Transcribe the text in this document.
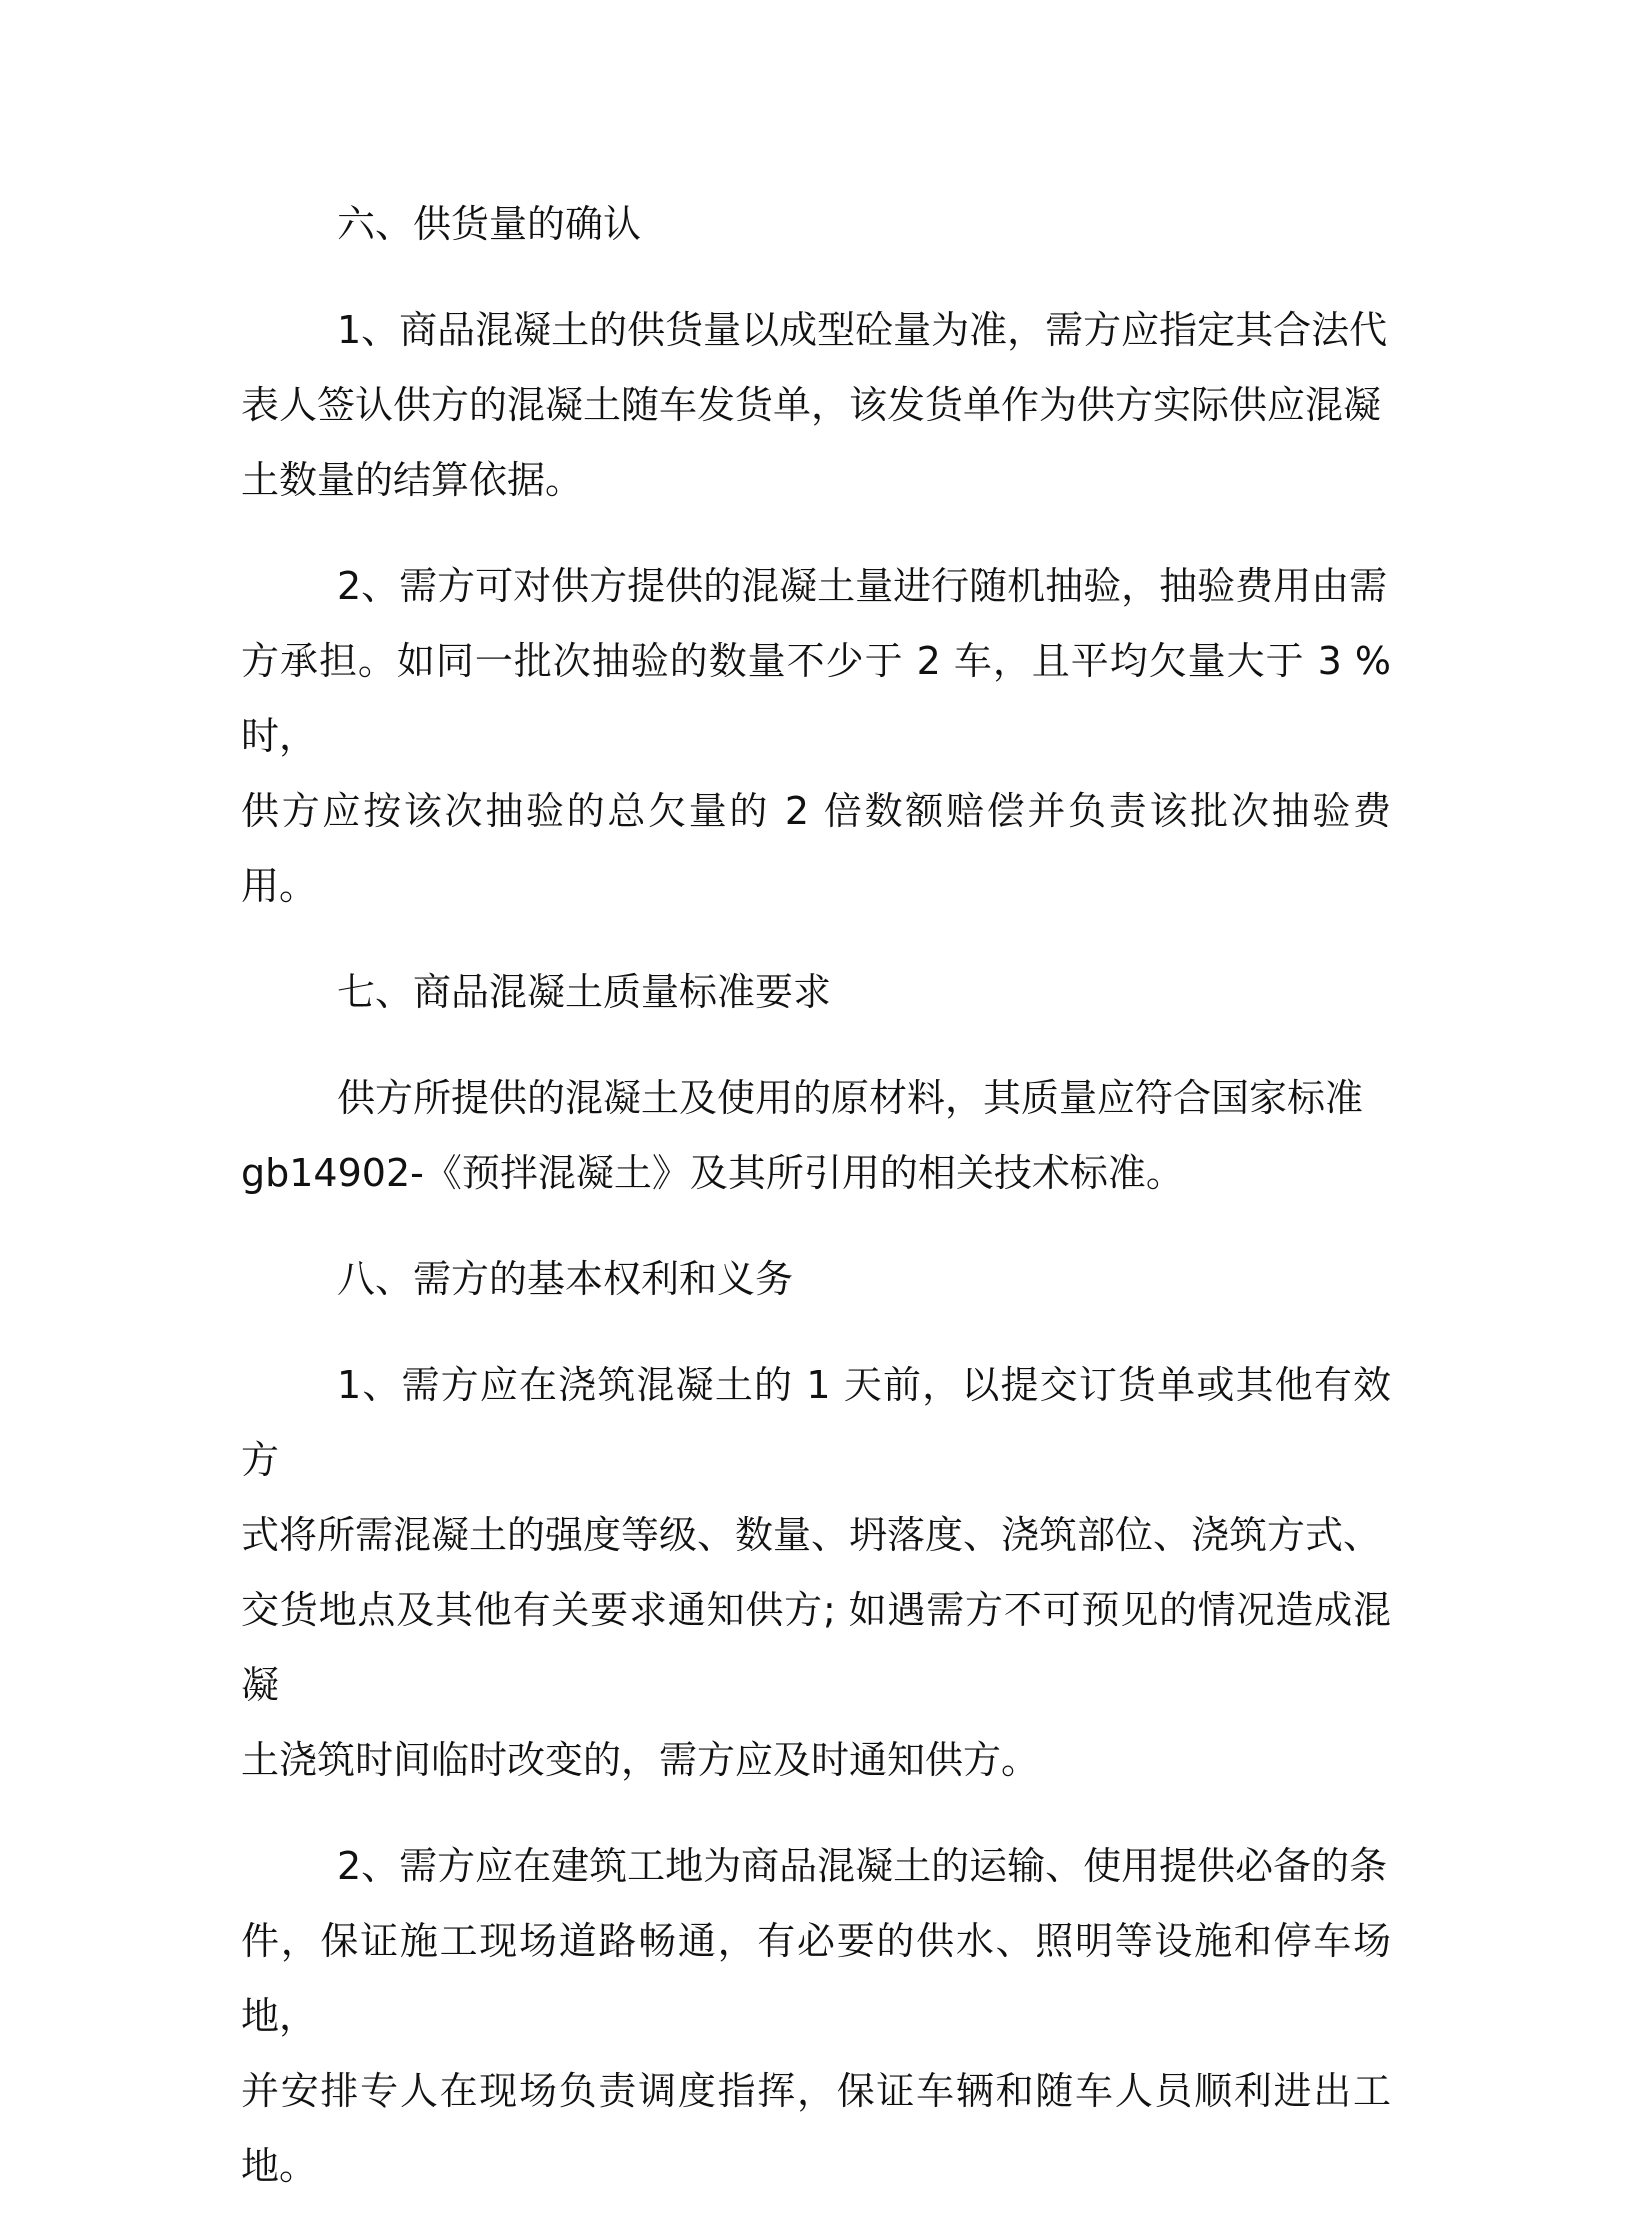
六、供货量的确认
1、商品混凝土的供货量以成型砼量为准，需方应指定其合法代
表人签认供方的混凝土随车发货单，该发货单作为供方实际供应混凝
土数量的结算依据。
2、需方可对供方提供的混凝土量进行随机抽验，抽验费用由需
方承担。如同一批次抽验的数量不少于 2 车，且平均欠量大于 3 %时，
供方应按该次抽验的总欠量的 2 倍数额赔偿并负责该批次抽验费用。
七、商品混凝土质量标准要求
供方所提供的混凝土及使用的原材料，其质量应符合国家标准
gb14902-《预拌混凝土》及其所引用的相关技术标准。
八、需方的基本权利和义务
1、需方应在浇筑混凝土的 1 天前，以提交订货单或其他有效方
式将所需混凝土的强度等级、数量、坍落度、浇筑部位、浇筑方式、
交货地点及其他有关要求通知供方; 如遇需方不可预见的情况造成混凝
土浇筑时间临时改变的，需方应及时通知供方。
2、需方应在建筑工地为商品混凝土的运输、使用提供必备的条
件，保证施工现场道路畅通，有必要的供水、照明等设施和停车场地，
并安排专人在现场负责调度指挥，保证车辆和随车人员顺利进出工地。
